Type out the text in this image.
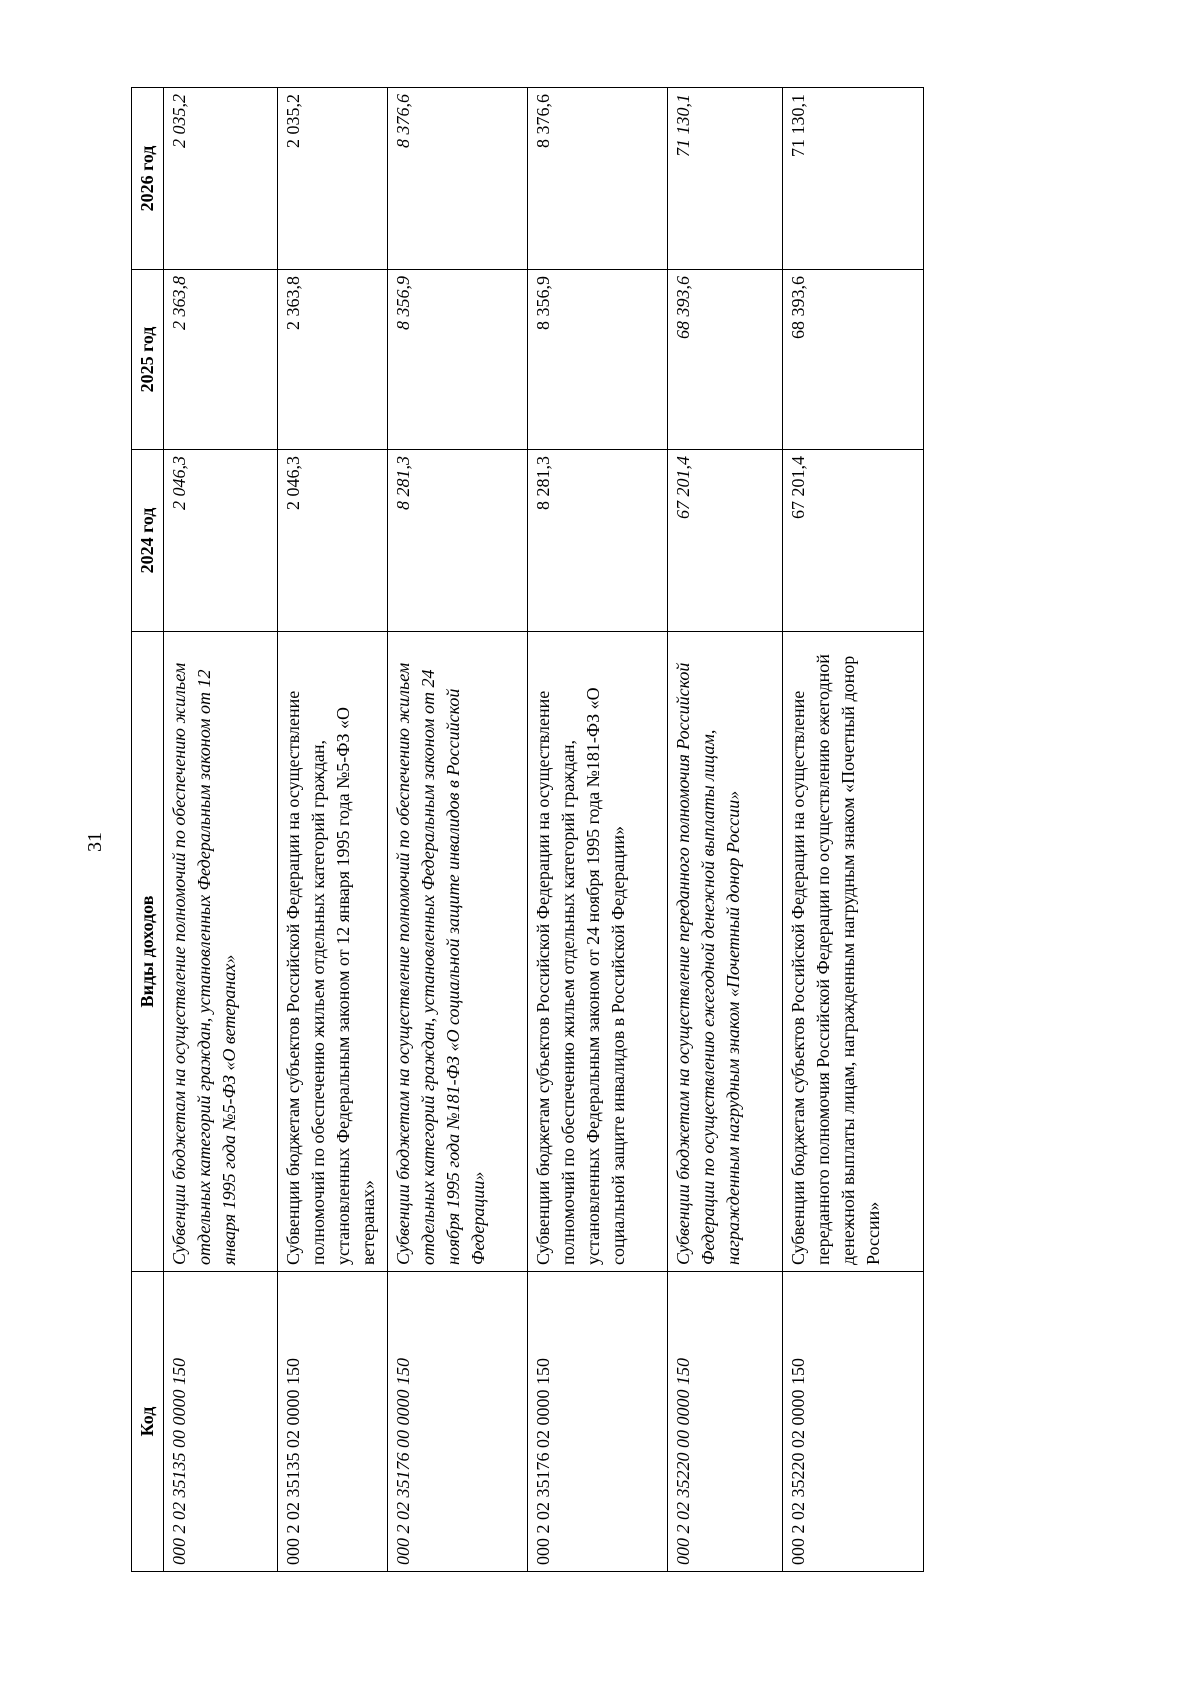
31
Код	Виды доходов	2024 год	2025 год	2026 год
000 2 02 35135 00 0000 150	Субвенции бюджетам на осуществление полномочий по обеспечению жильем отдельных категорий граждан, установленных Федеральным законом от 12 января 1995 года №5-ФЗ «О ветеранах»	2 046,3	2 363,8	2 035,2
000 2 02 35135 02 0000 150	Субвенции бюджетам субъектов Российской Федерации на осуществление полномочий по обеспечению жильем отдельных категорий граждан, установленных Федеральным законом от 12 января 1995 года №5-ФЗ «О ветеранах»	2 046,3	2 363,8	2 035,2
000 2 02 35176 00 0000 150	Субвенции бюджетам на осуществление полномочий по обеспечению жильем отдельных категорий граждан, установленных Федеральным законом от 24 ноября 1995 года №181-ФЗ «О социальной защите инвалидов в Российской Федерации»	8 281,3	8 356,9	8 376,6
000 2 02 35176 02 0000 150	Субвенции бюджетам субъектов Российской Федерации на осуществление полномочий по обеспечению жильем отдельных категорий граждан, установленных Федеральным законом от 24 ноября 1995 года №181-ФЗ «О социальной защите инвалидов в Российской Федерации»	8 281,3	8 356,9	8 376,6
000 2 02 35220 00 0000 150	Субвенции бюджетам на осуществление переданного полномочия Российской Федерации по осуществлению ежегодной денежной выплаты лицам, награжденным нагрудным знаком «Почетный донор России»	67 201,4	68 393,6	71 130,1
000 2 02 35220 02 0000 150	Субвенции бюджетам субъектов Российской Федерации на осуществление переданного полномочия Российской Федерации по осуществлению ежегодной денежной выплаты лицам, награжденным нагрудным знаком «Почетный донор России»	67 201,4	68 393,6	71 130,1
